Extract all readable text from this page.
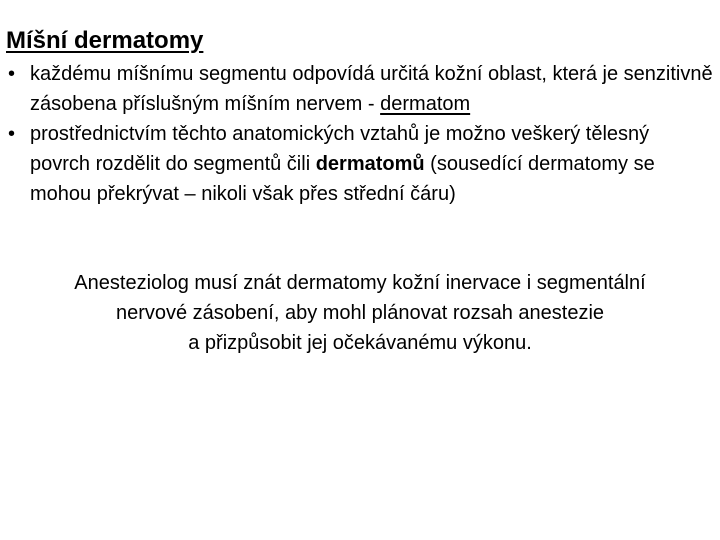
Míšní dermatomy
• každému míšnímu segmentu odpovídá určitá kožní oblast, která je senzitivně zásobena příslušným míšním nervem - dermatom
• prostřednictvím těchto anatomických vztahů je možno veškerý tělesný povrch rozdělit do segmentů čili dermatomů (sousedící dermatomy se mohou překrývat – nikoli však přes střední čáru)
Anesteziolog musí znát dermatomy kožní inervace i segmentální
nervové zásobení, aby mohl plánovat rozsah anestezie
a přizpůsobit jej očekávanému výkonu.
